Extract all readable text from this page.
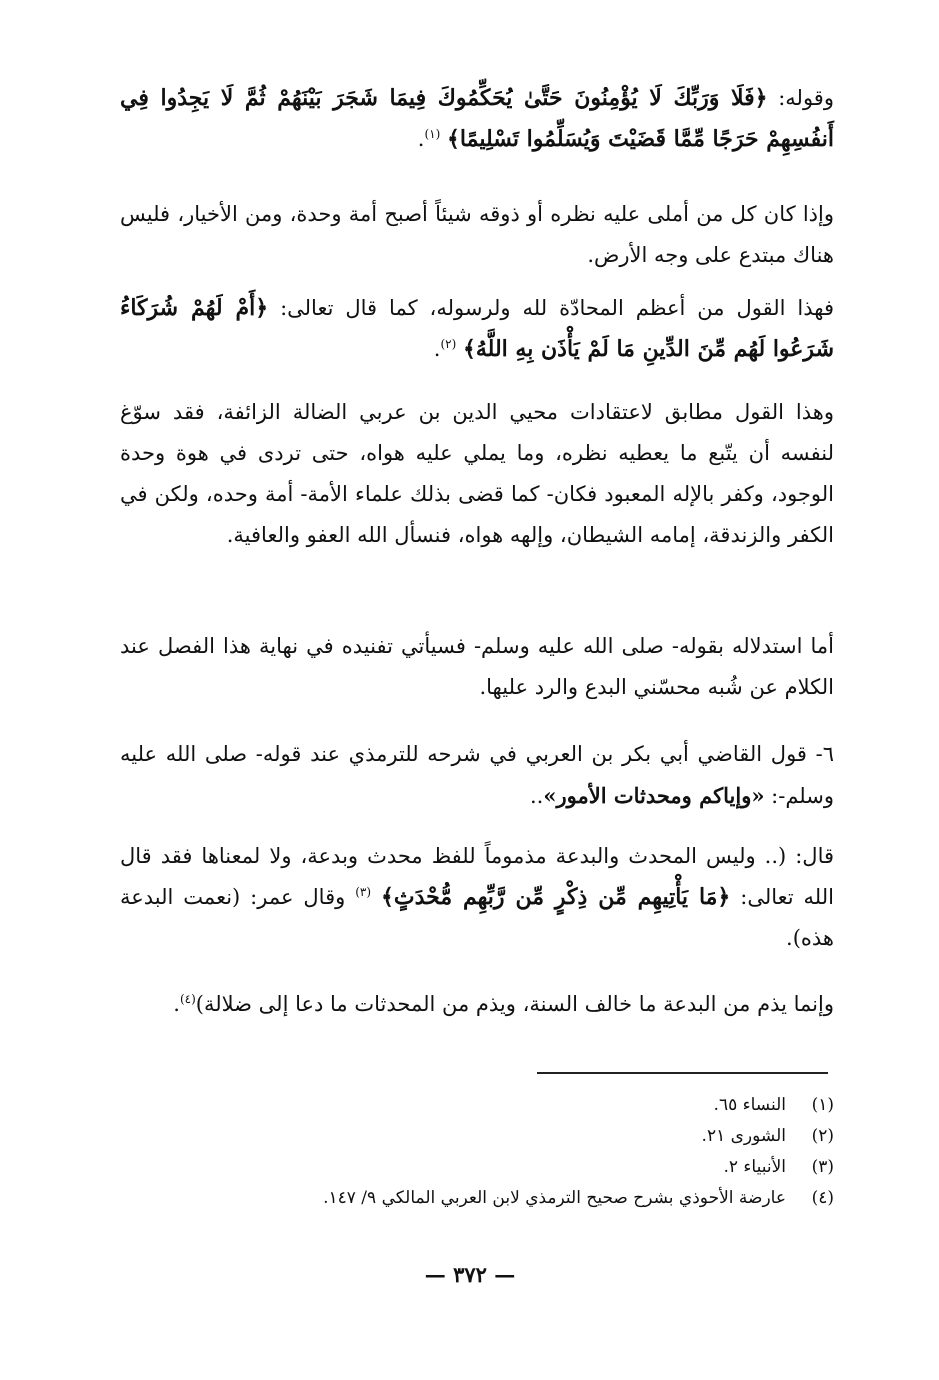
وقوله: ﴿فَلَا وَرَبِّكَ لَا يُؤْمِنُونَ حَتَّىٰ يُحَكِّمُوكَ فِيمَا شَجَرَ بَيْنَهُمْ ثُمَّ لَا يَجِدُوا فِي أَنفُسِهِمْ حَرَجًا مِّمَّا قَضَيْتَ وَيُسَلِّمُوا تَسْلِيمًا﴾ $^{(١)}$.

وإذا كان كل من أملى عليه نظره أو ذوقه شيئاً أصبح أمة وحدة، ومن الأخيار، فليس هناك مبتدع على وجه الأرض.

فهذا القول من أعظم المحادّة لله ولرسوله، كما قال تعالى: ﴿أَمْ لَهُمْ شُرَكَاءُ شَرَعُوا لَهُم مِّنَ الدِّينِ مَا لَمْ يَأْذَن بِهِ اللَّهُ﴾ $^{(٢)}$.

وهذا القول مطابق لاعتقادات محيي الدين بن عربي الضالة الزائفة، فقد سوّغ لنفسه أن يتّبع ما يعطيه نظره، وما يملي عليه هواه، حتى تردى في هوة وحدة الوجود، وكفر بالإله المعبود فكان- كما قضى بذلك علماء الأمة- أمة وحده، ولكن في الكفر والزندقة، إمامه الشيطان، وإلهه هواه، فنسأل الله العفو والعافية.

أما استدلاله بقوله- صلى الله عليه وسلم- فسيأتي تفنيده في نهاية هذا الفصل عند الكلام عن شُبه محسّني البدع والرد عليها.

٦- قول القاضي أبي بكر بن العربي في شرحه للترمذي عند قوله- صلى الله عليه وسلم-: «وإياكم ومحدثات الأمور»..

قال: (.. وليس المحدث والبدعة مذموماً للفظ محدث وبدعة، ولا لمعناها فقد قال الله تعالى: ﴿مَا يَأْتِيهِم مِّن ذِكْرٍ مِّن رَّبِّهِم مُّحْدَثٍ﴾ $^{(٣)}$ وقال عمر: (نعمت البدعة هذه).

وإنما يذم من البدعة ما خالف السنة، ويذم من المحدثات ما دعا إلى ضلالة)$^{(٤)}$.

(١)النساء ٦٥.
(٢)الشورى ٢١.
(٣)الأنبياء ٢.
(٤)عارضة الأحوذي بشرح صحيح الترمذي لابن العربي المالكي ٩/ ١٤٧.
— ٣٧٢ —
